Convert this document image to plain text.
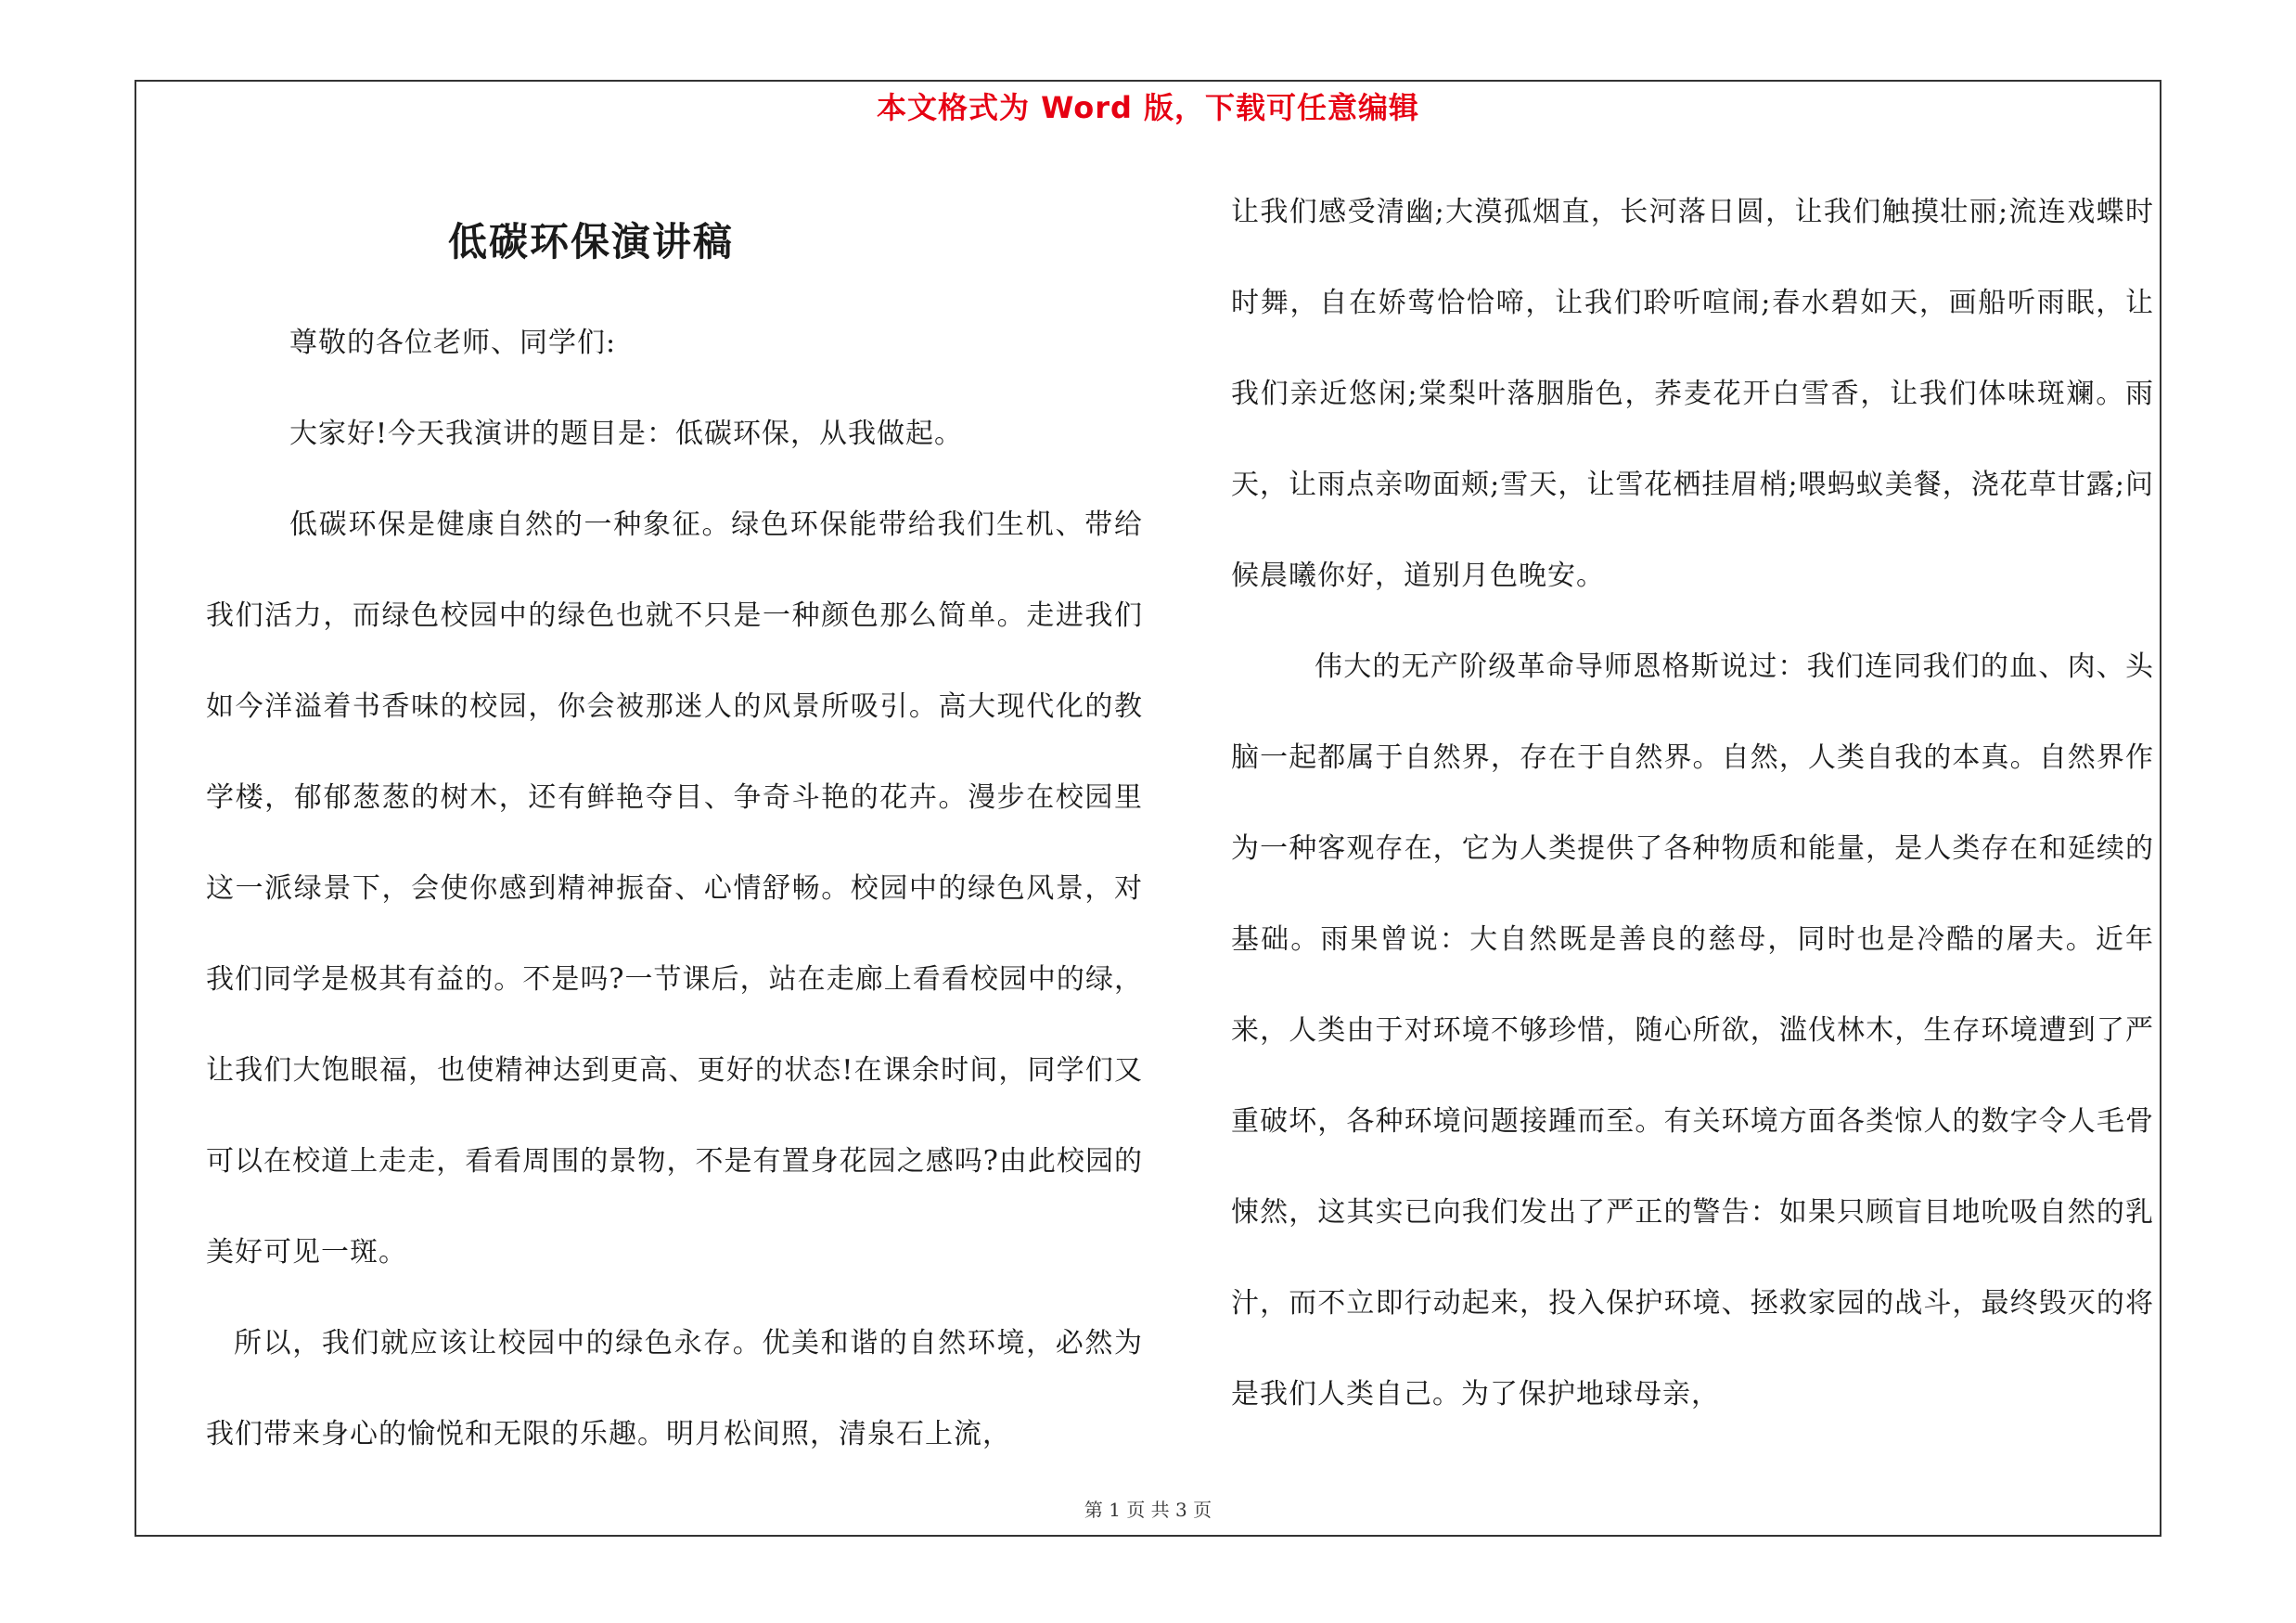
本文格式为 Word 版，下载可任意编辑
低碳环保演讲稿

尊敬的各位老师、同学们:

大家好!今天我演讲的题目是：低碳环保，从我做起。

低碳环保是健康自然的一种象征。绿色环保能带给我们生机、带给我们活力，而绿色校园中的绿色也就不只是一种颜色那么简单。走进我们如今洋溢着书香味的校园，你会被那迷人的风景所吸引。高大现代化的教学楼，郁郁葱葱的树木，还有鲜艳夺目、争奇斗艳的花卉。漫步在校园里这一派绿景下，会使你感到精神振奋、心情舒畅。校园中的绿色风景，对我们同学是极其有益的。不是吗?一节课后，站在走廊上看看校园中的绿，让我们大饱眼福，也使精神达到更高、更好的状态!在课余时间，同学们又可以在校道上走走，看看周围的景物，不是有置身花园之感吗?由此校园的美好可见一斑。

所以，我们就应该让校园中的绿色永存。优美和谐的自然环境，必然为我们带来身心的愉悦和无限的乐趣。明月松间照，清泉石上流，

让我们感受清幽;大漠孤烟直，长河落日圆，让我们触摸壮丽;流连戏蝶时时舞，自在娇莺恰恰啼，让我们聆听喧闹;春水碧如天，画船听雨眠，让我们亲近悠闲;棠梨叶落胭脂色，荞麦花开白雪香，让我们体味斑斓。雨天，让雨点亲吻面颊;雪天，让雪花栖挂眉梢;喂蚂蚁美餐，浇花草甘露;问候晨曦你好，道别月色晚安。

伟大的无产阶级革命导师恩格斯说过：我们连同我们的血、肉、头脑一起都属于自然界，存在于自然界。自然，人类自我的本真。自然界作为一种客观存在，它为人类提供了各种物质和能量，是人类存在和延续的基础。雨果曾说：大自然既是善良的慈母，同时也是冷酷的屠夫。近年来，人类由于对环境不够珍惜，随心所欲，滥伐林木，生存环境遭到了严重破坏，各种环境问题接踵而至。有关环境方面各类惊人的数字令人毛骨悚然，这其实已向我们发出了严正的警告：如果只顾盲目地吮吸自然的乳汁，而不立即行动起来，投入保护环境、拯救家园的战斗，最终毁灭的将是我们人类自己。为了保护地球母亲，

第 1 页 共 3 页
